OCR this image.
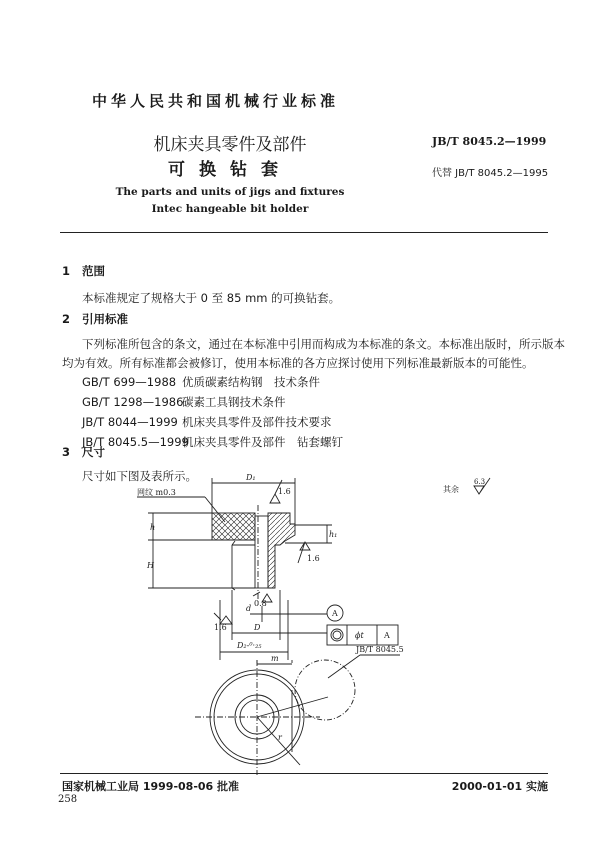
中华人民共和国机械行业标准
机床夹具零件及部件
可换钻套
The parts and units of jigs and fixtures
Intec hangeable bit holder
JB/T 8045.2—1999
代替 JB/T 8045.2—1995
1 范围
本标准规定了规格大于 0 至 85 mm 的可换钻套。
2 引用标准
下列标准所包含的条文，通过在本标准中引用而构成为本标准的条文。本标准出版时，所示版本
均为有效。所有标准都会被修订，使用本标准的各方应探讨使用下列标准最新版本的可能性。
GB/T 699—1988 优质碳素结构钢　技术条件
GB/T 1298—1986碳素工具钢技术条件
JB/T 8044—1999 机床夹具零件及部件技术要求
JB/T 8045.5—1999机床夹具零件及部件　钻套螺钉
3 尺寸
尺寸如下图及表所示。	D₁
网纹 m0.3
h
H
h₁
1.6
1.6
1.6
0.8
d
A
D
D₂-⁰·₂₅
ϕt	A
m
r
JB/T 8045.5
其余
6.3
国家机械工业局 1999-08-06 批准	2000-01-01 实施
258
